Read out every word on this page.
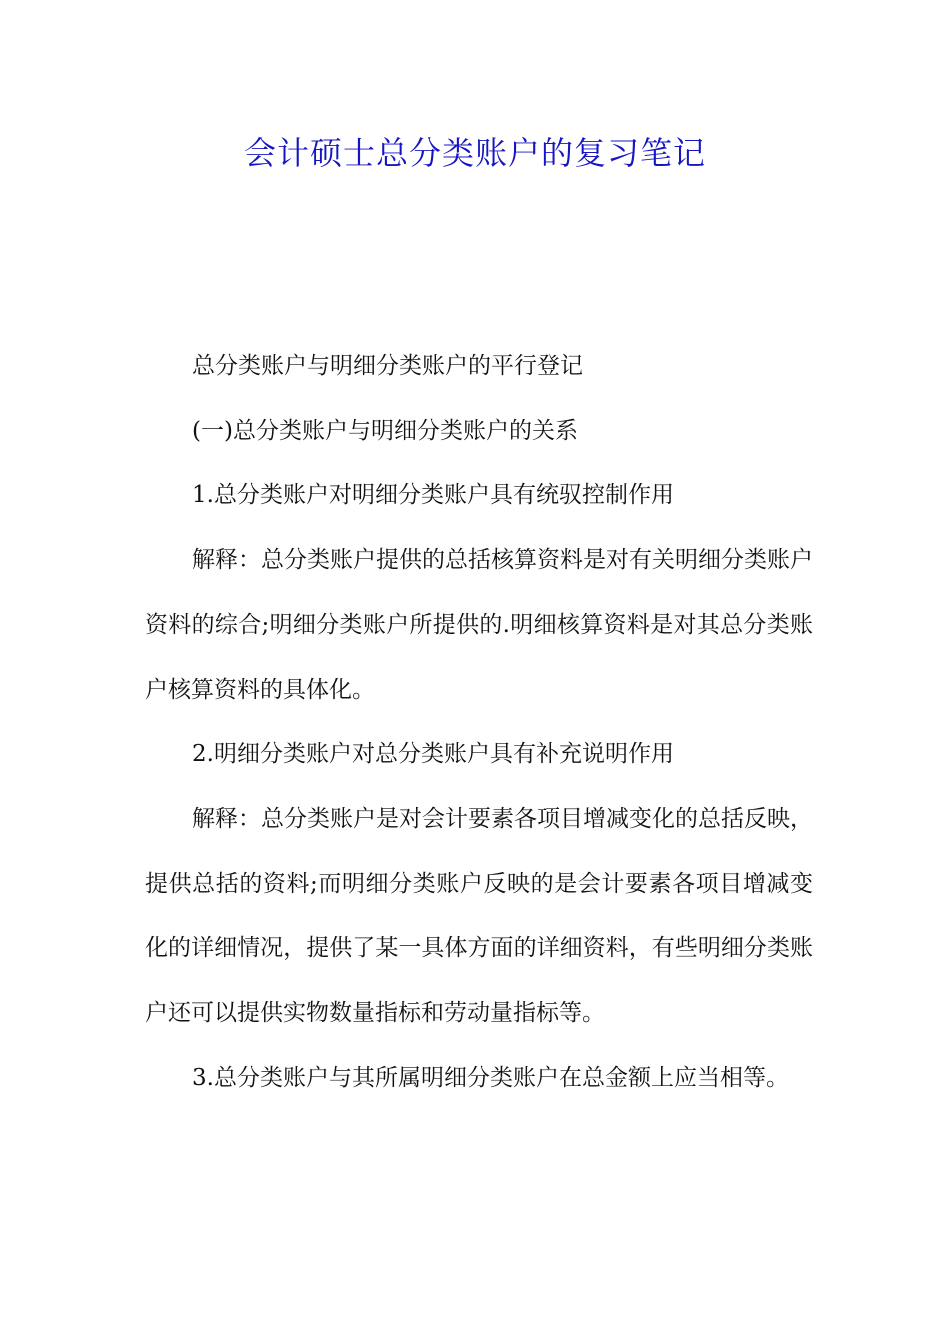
会计硕士总分类账户的复习笔记

总分类账户与明细分类账户的平行登记

(一)总分类账户与明细分类账户的关系

1.总分类账户对明细分类账户具有统驭控制作用

解释：总分类账户提供的总括核算资料是对有关明细分类账户资料的综合;明细分类账户所提供的.明细核算资料是对其总分类账户核算资料的具体化。

2.明细分类账户对总分类账户具有补充说明作用

解释：总分类账户是对会计要素各项目增减变化的总括反映，提供总括的资料;而明细分类账户反映的是会计要素各项目增减变化的详细情况，提供了某一具体方面的详细资料，有些明细分类账户还可以提供实物数量指标和劳动量指标等。

3.总分类账户与其所属明细分类账户在总金额上应当相等。
